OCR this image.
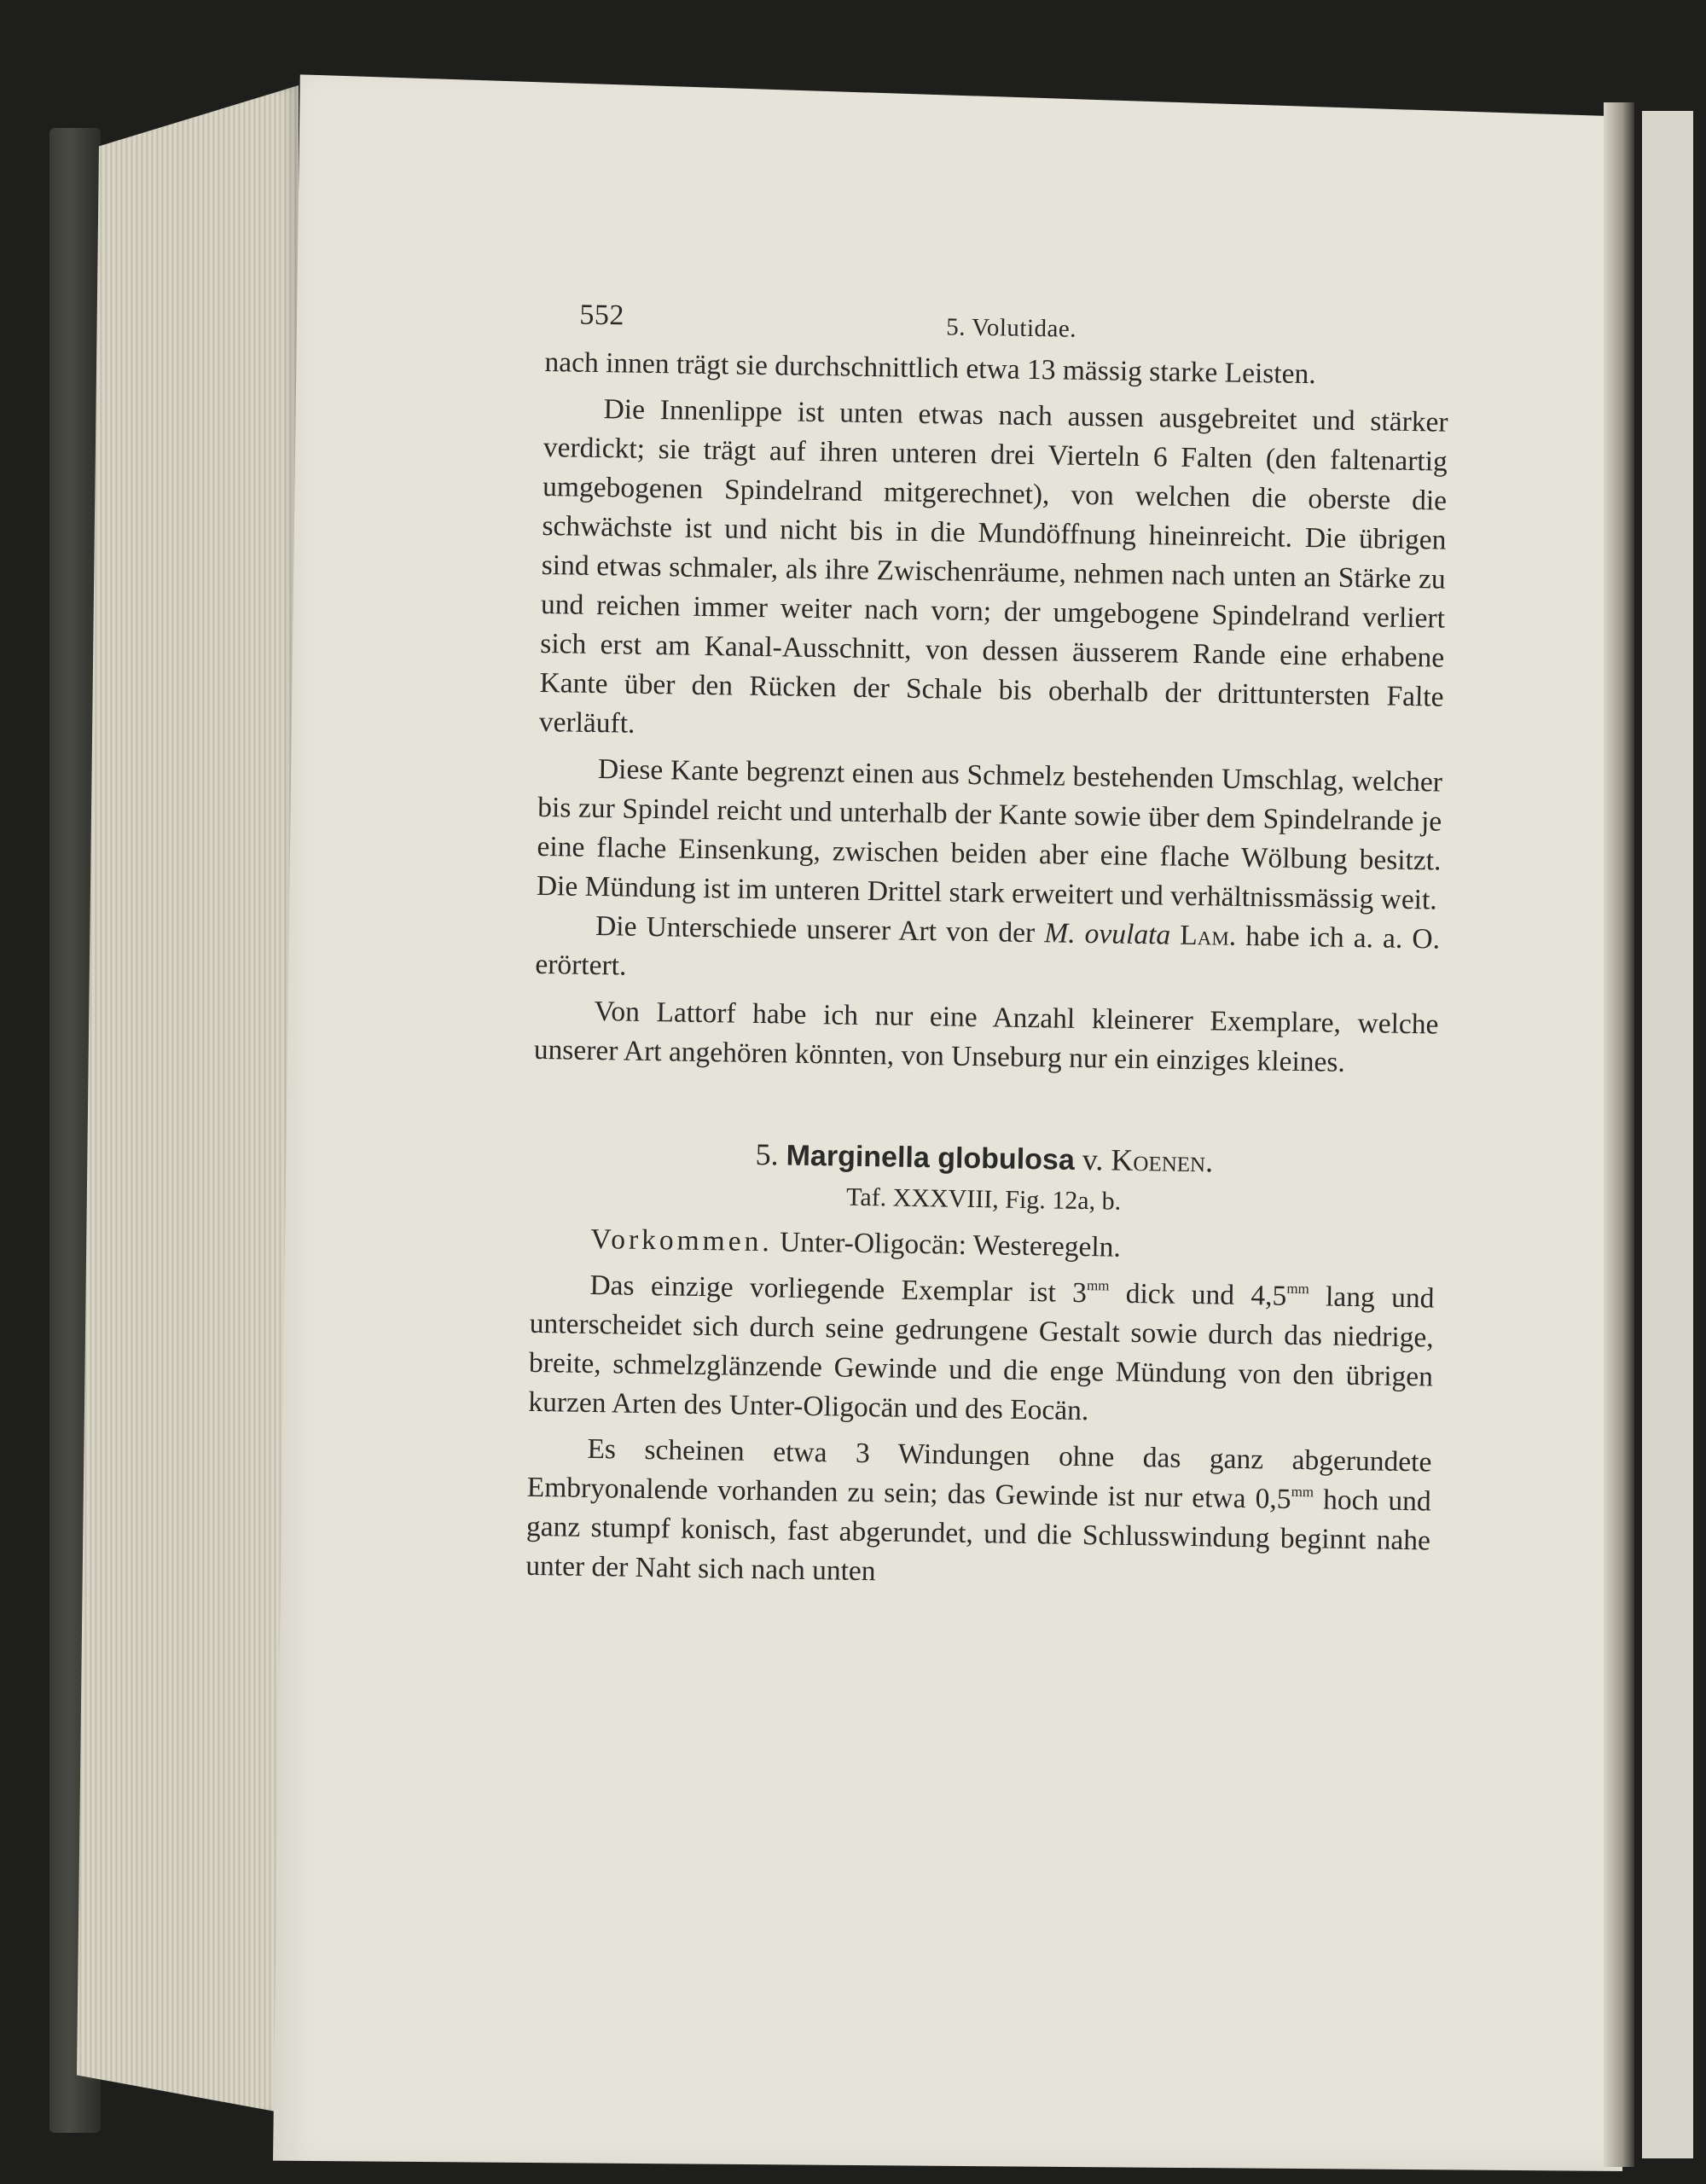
552	5. Volutidae.

nach innen trägt sie durchschnittlich etwa 13 mässig starke Leisten.

Die Innenlippe ist unten etwas nach aussen ausgebreitet und stärker verdickt; sie trägt auf ihren unteren drei Vierteln 6 Falten (den faltenartig umgebogenen Spindelrand mitgerechnet), von welchen die oberste die schwächste ist und nicht bis in die Mundöffnung hineinreicht. Die übrigen sind etwas schmaler, als ihre Zwischenräume, nehmen nach unten an Stärke zu und reichen immer weiter nach vorn; der umgebogene Spindelrand verliert sich erst am Kanal-Ausschnitt, von dessen äusserem Rande eine erhabene Kante über den Rücken der Schale bis oberhalb der drittuntersten Falte verläuft.

Diese Kante begrenzt einen aus Schmelz bestehenden Umschlag, welcher bis zur Spindel reicht und unterhalb der Kante sowie über dem Spindelrande je eine flache Einsenkung, zwischen beiden aber eine flache Wölbung besitzt. Die Mündung ist im unteren Drittel stark erweitert und verhältnissmässig weit.

Die Unterschiede unserer Art von der M. ovulata Lam. habe ich a. a. O. erörtert.

Von Lattorf habe ich nur eine Anzahl kleinerer Exemplare, welche unserer Art angehören könnten, von Unseburg nur ein einziges kleines.

5. Marginella globulosa v. Koenen.
Taf. XXXVIII, Fig. 12a, b.

Vorkommen. Unter-Oligocän: Westeregeln.

Das einzige vorliegende Exemplar ist $3^{mm}$ dick und $4,5^{mm}$ lang und unterscheidet sich durch seine gedrungene Gestalt sowie durch das niedrige, breite, schmelzglänzende Gewinde und die enge Mündung von den übrigen kurzen Arten des Unter-Oligocän und des Eocän.

Es scheinen etwa 3 Windungen ohne das ganz abgerundete Embryonalende vorhanden zu sein; das Gewinde ist nur etwa $0,5^{mm}$ hoch und ganz stumpf konisch, fast abgerundet, und die Schlusswindung beginnt nahe unter der Naht sich nach unten
